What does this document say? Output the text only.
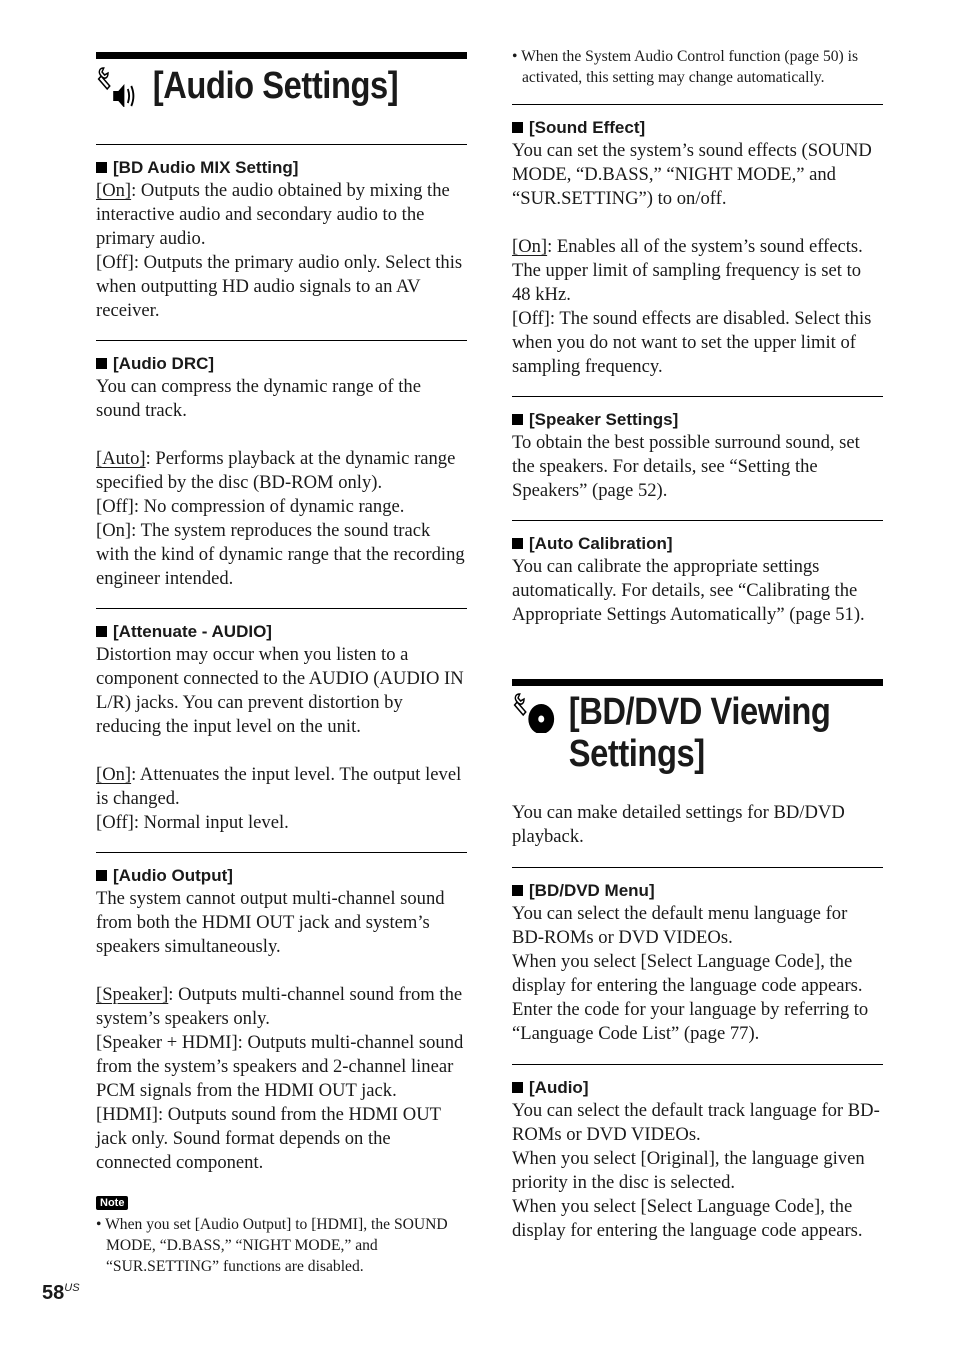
[Audio Settings]
[BD Audio MIX Setting]
[On]: Outputs the audio obtained by mixing the interactive audio and secondary audio to the primary audio.
[Off]: Outputs the primary audio only. Select this when outputting HD audio signals to an AV receiver.
[Audio DRC]
You can compress the dynamic range of the sound track.
[Auto]: Performs playback at the dynamic range specified by the disc (BD-ROM only).
[Off]: No compression of dynamic range.
[On]: The system reproduces the sound track with the kind of dynamic range that the recording engineer intended.
[Attenuate - AUDIO]
Distortion may occur when you listen to a component connected to the AUDIO (AUDIO IN L/R) jacks. You can prevent distortion by reducing the input level on the unit.
[On]: Attenuates the input level. The output level is changed.
[Off]: Normal input level.
[Audio Output]
The system cannot output multi-channel sound from both the HDMI OUT jack and system’s speakers simultaneously.
[Speaker]: Outputs multi-channel sound from the system’s speakers only.
[Speaker + HDMI]: Outputs multi-channel sound from the system’s speakers and 2-channel linear PCM signals from the HDMI OUT jack.
[HDMI]: Outputs sound from the HDMI OUT jack only. Sound format depends on the connected component.
Note
• When you set [Audio Output] to [HDMI], the SOUND MODE, “D.BASS,” “NIGHT MODE,” and “SUR.SETTING” functions are disabled.
• When the System Audio Control function (page 50) is activated, this setting may change automatically.
[Sound Effect]
You can set the system’s sound effects (SOUND MODE, “D.BASS,” “NIGHT MODE,” and “SUR.SETTING”) to on/off.
[On]: Enables all of the system’s sound effects. The upper limit of sampling frequency is set to 48 kHz.
[Off]: The sound effects are disabled. Select this when you do not want to set the upper limit of sampling frequency.
[Speaker Settings]
To obtain the best possible surround sound, set the speakers. For details, see “Setting the Speakers” (page 52).
[Auto Calibration]
You can calibrate the appropriate settings automatically. For details, see “Calibrating the Appropriate Settings Automatically” (page 51).
[BD/DVD Viewing Settings]
You can make detailed settings for BD/DVD playback.
[BD/DVD Menu]
You can select the default menu language for BD-ROMs or DVD VIDEOs.
When you select [Select Language Code], the display for entering the language code appears. Enter the code for your language by referring to “Language Code List” (page 77).
[Audio]
You can select the default track language for BD-ROMs or DVD VIDEOs.
When you select [Original], the language given priority in the disc is selected.
When you select [Select Language Code], the display for entering the language code appears.
$58^{US}$
